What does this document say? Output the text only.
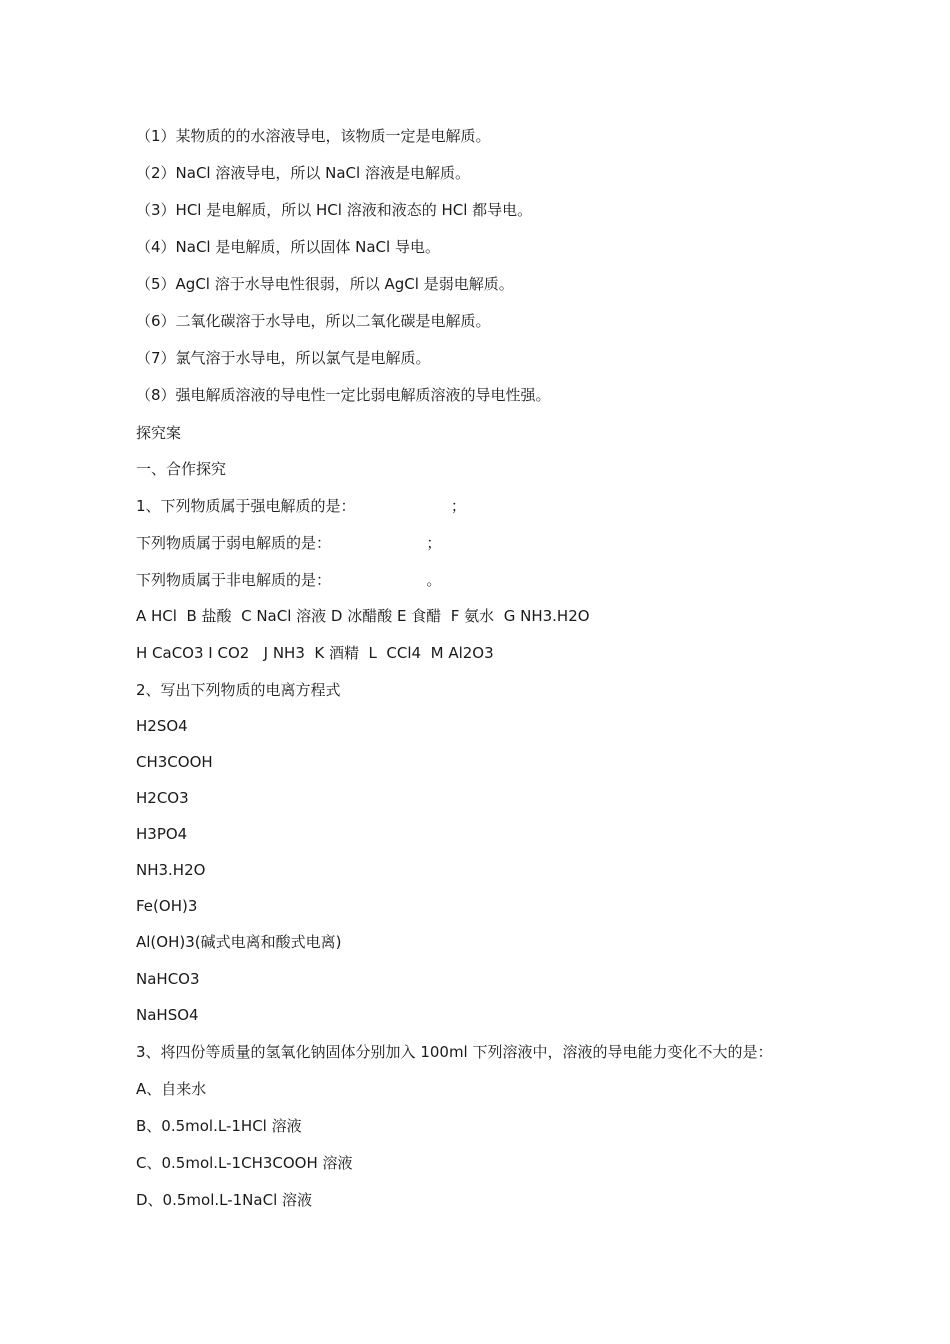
（1）某物质的的水溶液导电，该物质一定是电解质。
（2）NaCl 溶液导电，所以 NaCl 溶液是电解质。
（3）HCl 是电解质，所以 HCl 溶液和液态的 HCl 都导电。
（4）NaCl 是电解质，所以固体 NaCl 导电。
（5）AgCl 溶于水导电性很弱，所以 AgCl 是弱电解质。
（6）二氧化碳溶于水导电，所以二氧化碳是电解质。
（7）氯气溶于水导电，所以氯气是电解质。
（8）强电解质溶液的导电性一定比弱电解质溶液的导电性强。
探究案
一、合作探究
1、下列物质属于强电解质的是：                    ；
下列物质属于弱电解质的是：                    ；
下列物质属于非电解质的是：                    。
A HCl  B 盐酸  C NaCl 溶液 D 冰醋酸 E 食醋  F 氨水  G NH3.H2O
H CaCO3 I CO2   J NH3  K 酒精  L  CCl4  M Al2O3
2、写出下列物质的电离方程式
H2SO4
CH3COOH
H2CO3
H3PO4
NH3.H2O
Fe(OH)3
Al(OH)3(碱式电离和酸式电离)
NaHCO3
NaHSO4
3、将四份等质量的氢氧化钠固体分别加入 100ml 下列溶液中，溶液的导电能力变化不大的是：
A、自来水
B、0.5mol.L-1HCl 溶液
C、0.5mol.L-1CH3COOH 溶液
D、0.5mol.L-1NaCl 溶液
